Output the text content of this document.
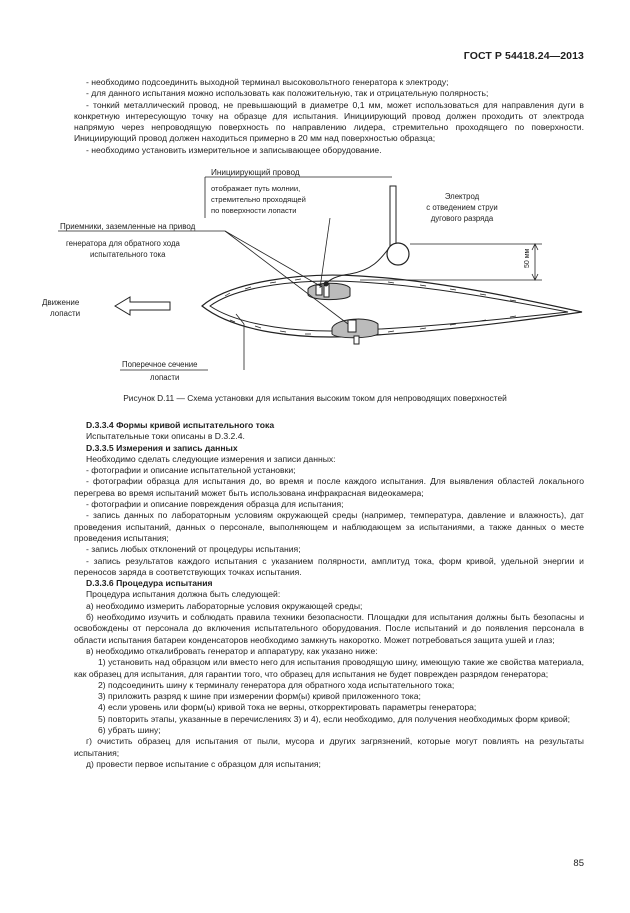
ГОСТ Р 54418.24—2013

- необходимо подсоединить выходной терминал высоковольтного генератора к электроду;

- для данного испытания можно использовать как положительную, так и отрицательную полярность;

- тонкий металлический провод, не превышающий в диаметре 0,1 мм, может использоваться для направления дуги в конкретную интересующую точку на образце для испытания. Инициирующий провод должен проходить от электрода напрямую через непроводящую поверхность по направлению лидера, стремительно проходящего по поверхности. Инициирующий провод должен находиться примерно в 20 мм над поверхностью образца;

- необходимо установить измерительное и записывающее оборудование.

Инициирующий провод
отображает путь молнии,
стремительно проходящей
по поверхности лопасти
Электрод
с отведением струи
дугового разряда
Приемники, заземленные на привод
генератора для обратного хода
испытательного тока
Движение
лопасти
Поперечное сечение
лопасти
50 мм
Рисунок D.11 — Схема установки для испытания высоким током для непроводящих поверхностей

D.3.3.4 Формы кривой испытательного тока

Испытательные токи описаны в D.3.2.4.

D.3.3.5 Измерения и запись данных

Необходимо сделать следующие измерения и записи данных:

- фотографии и описание испытательной установки;

- фотографии образца для испытания до, во время и после каждого испытания. Для выявления областей локального перегрева во время испытаний может быть использована инфракрасная видеокамера;

- фотографии и описание повреждения образца для испытания;

- запись данных по лабораторным условиям окружающей среды (например, температура, давление и влажность), дат проведения испытаний, данных о персонале, выполняющем и наблюдающем за испытаниями, а также данных о месте проведения испытания;

- запись любых отклонений от процедуры испытания;

- запись результатов каждого испытания с указанием полярности, амплитуд тока, форм кривой, удельной энергии и переносов заряда в соответствующих точках испытания.

D.3.3.6 Процедура испытания

Процедура испытания должна быть следующей:

а) необходимо измерить лабораторные условия окружающей среды;

б) необходимо изучить и соблюдать правила техники безопасности. Площадки для испытания должны быть безопасны и освобождены от персонала до включения испытательного оборудования. После испытаний и до появления персонала в области испытания батареи конденсаторов необходимо замкнуть накоротко. Может потребоваться защита ушей и глаз;

в) необходимо откалибровать генератор и аппаратуру, как указано ниже:

1) установить над образцом или вместо него для испытания проводящую шину, имеющую такие же свойства материала, как образец для испытания, для гарантии того, что образец для испытания не будет поврежден разрядом генератора;

2) подсоединить шину к терминалу генератора для обратного хода испытательного тока;

3) приложить разряд к шине при измерении форм(ы) кривой приложенного тока;

4) если уровень или форм(ы) кривой тока не верны, откорректировать параметры генератора;

5) повторить этапы, указанные в перечислениях 3) и 4), если необходимо, для получения необходимых форм кривой;

6) убрать шину;

г) очистить образец для испытания от пыли, мусора и других загрязнений, которые могут повлиять на результаты испытания;

д) провести первое испытание с образцом для испытания;

85
